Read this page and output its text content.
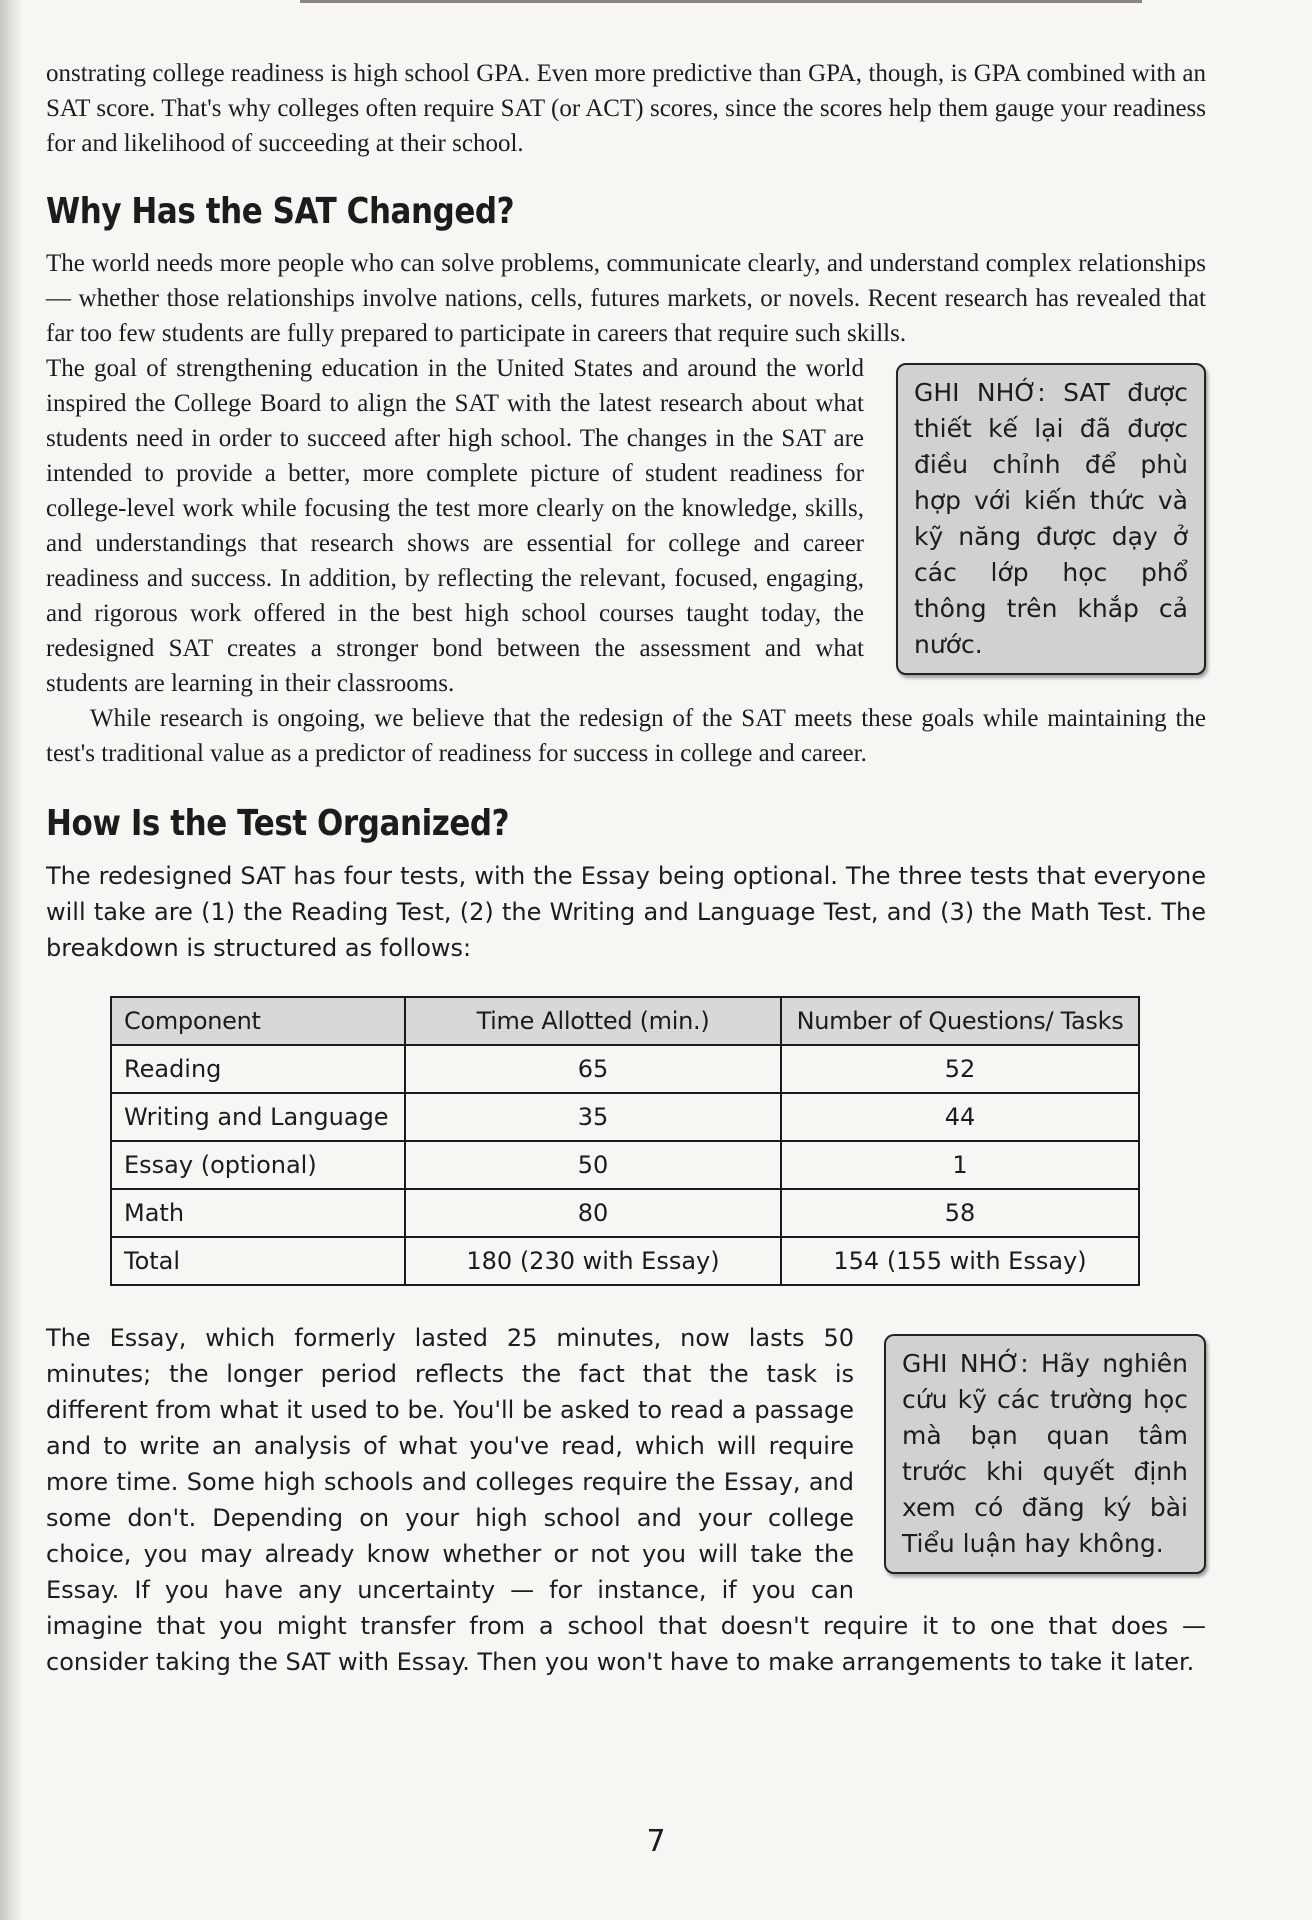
onstrating college readiness is high school GPA. Even more predictive than GPA, though, is GPA combined with an SAT score. That's why colleges often require SAT (or ACT) scores, since the scores help them gauge your readiness for and likelihood of succeeding at their school.

Why Has the SAT Changed?

The world needs more people who can solve problems, communicate clearly, and understand complex relationships — whether those relationships involve nations, cells, futures markets, or novels. Recent research has revealed that far too few students are fully prepared to participate in careers that require such skills.

GHI NHỚ: SAT được thiết kế lại đã được điều chỉnh để phù hợp với kiến thức và kỹ năng được dạy ở các lớp học phổ thông trên khắp cả nước.

The goal of strengthening education in the United States and around the world inspired the College Board to align the SAT with the latest research about what students need in order to succeed after high school. The changes in the SAT are intended to provide a better, more complete picture of student readiness for college-level work while focusing the test more clearly on the knowledge, skills, and understandings that research shows are essential for college and career readiness and success. In addition, by reflecting the relevant, focused, engaging, and rigorous work offered in the best high school courses taught today, the redesigned SAT creates a stronger bond between the assessment and what students are learning in their classrooms.

While research is ongoing, we believe that the redesign of the SAT meets these goals while maintaining the test's traditional value as a predictor of readiness for success in college and career.

How Is the Test Organized?

The redesigned SAT has four tests, with the Essay being optional. The three tests that everyone will take are (1) the Reading Test, (2) the Writing and Language Test, and (3) the Math Test. The breakdown is structured as follows:

Component	Time Allotted (min.)	Number of Questions/ Tasks
Reading	65	52
Writing and Language	35	44
Essay (optional)	50	1
Math	80	58
Total	180 (230 with Essay)	154 (155 with Essay)
GHI NHỚ: Hãy nghiên cứu kỹ các trường học mà bạn quan tâm trước khi quyết định xem có đăng ký bài Tiểu luận hay không.

The Essay, which formerly lasted 25 minutes, now lasts 50 minutes; the longer period reflects the fact that the task is different from what it used to be. You'll be asked to read a passage and to write an analysis of what you've read, which will require more time. Some high schools and colleges require the Essay, and some don't. Depending on your high school and your college choice, you may already know whether or not you will take the Essay. If you have any uncertainty — for instance, if you can imagine that you might transfer from a school that doesn't require it to one that does — consider taking the SAT with Essay. Then you won't have to make arrangements to take it later.

7
